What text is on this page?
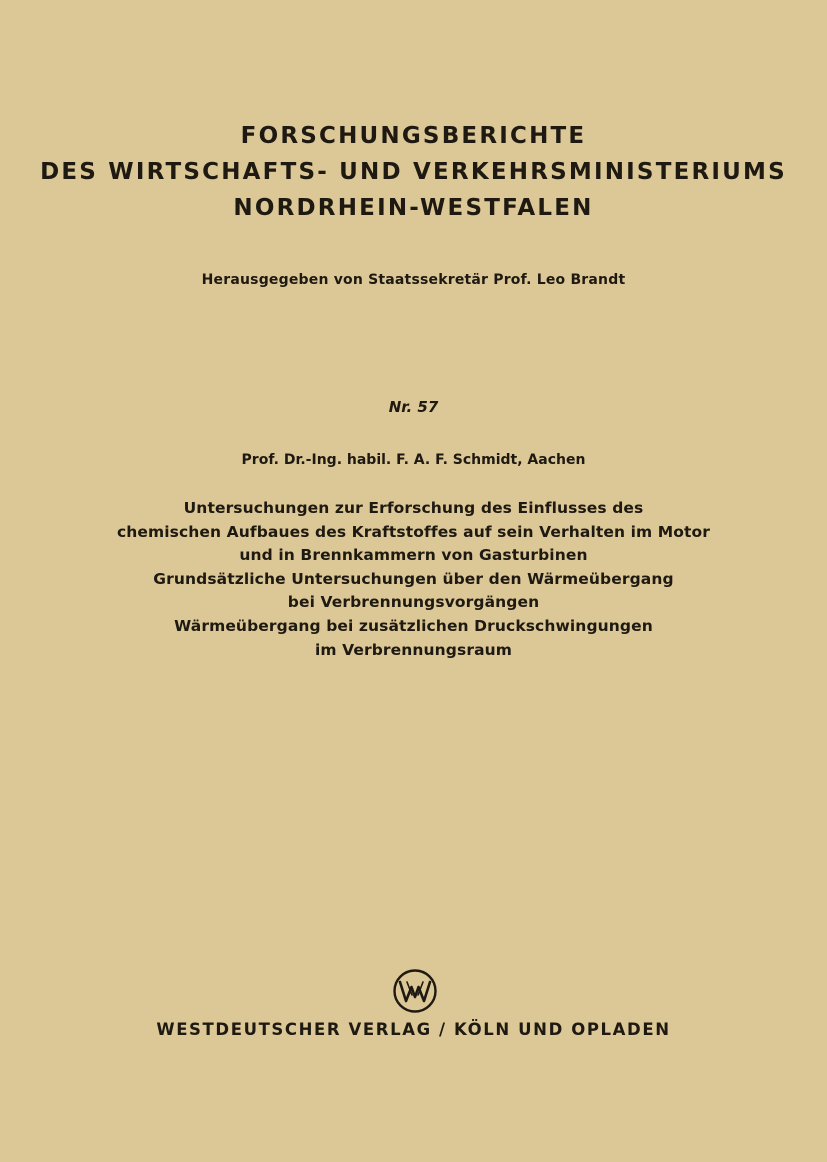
FORSCHUNGSBERICHTE
DES WIRTSCHAFTS- UND VERKEHRSMINISTERIUMS
NORDRHEIN-WESTFALEN
Herausgegeben von Staatssekretär Prof. Leo Brandt
Nr. 57
Prof. Dr.-Ing. habil. F. A. F. Schmidt, Aachen
Untersuchungen zur Erforschung des Einflusses des
chemischen Aufbaues des Kraftstoffes auf sein Verhalten im Motor
und in Brennkammern von Gasturbinen
Grundsätzliche Untersuchungen über den Wärmeübergang
bei Verbrennungsvorgängen
Wärmeübergang bei zusätzlichen Druckschwingungen
im Verbrennungsraum
WESTDEUTSCHER VERLAG / KÖLN UND OPLADEN
